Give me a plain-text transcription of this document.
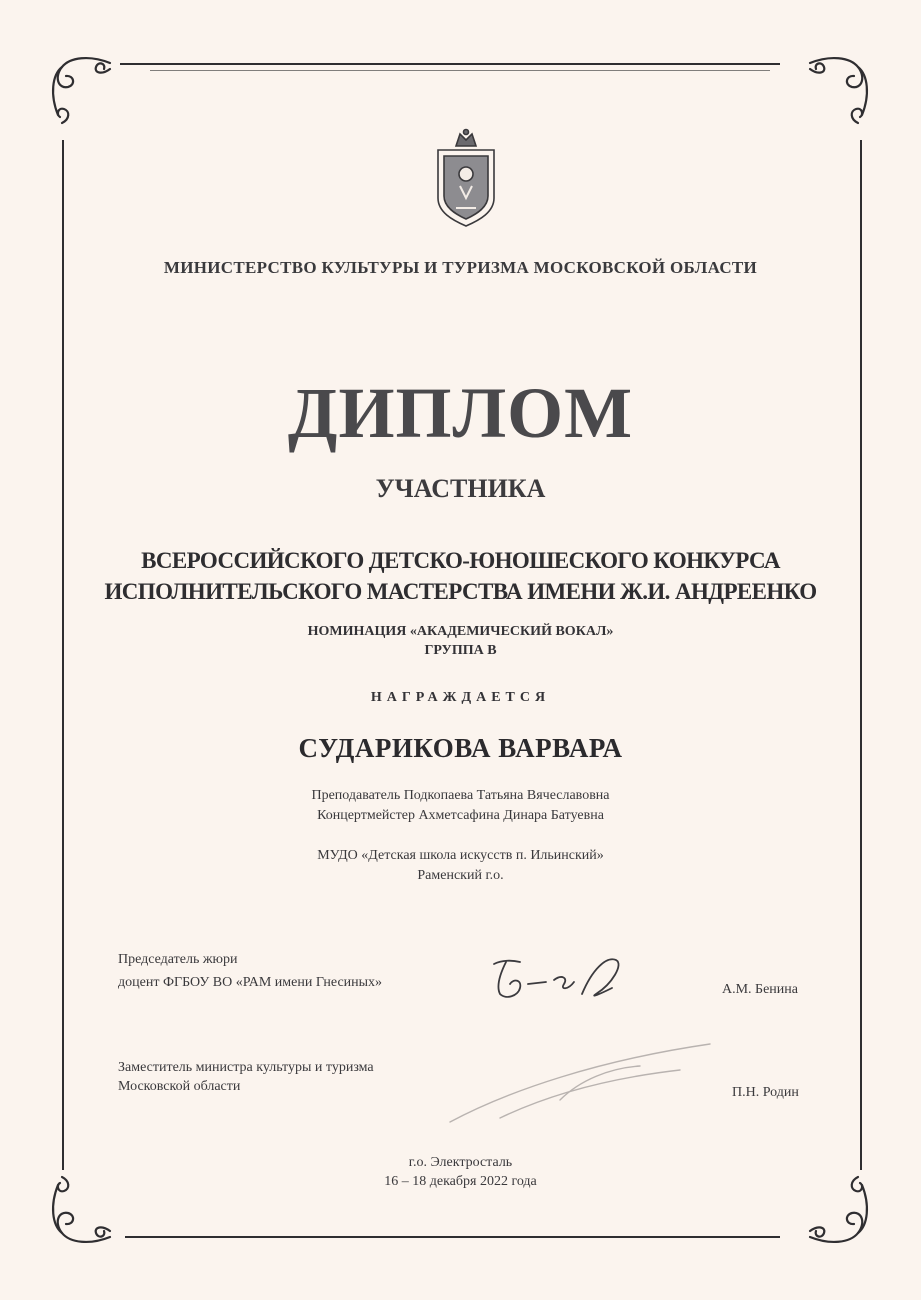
МИНИСТЕРСТВО КУЛЬТУРЫ И ТУРИЗМА МОСКОВСКОЙ ОБЛАСТИ
ДИПЛОМ
УЧАСТНИКА
ВСЕРОССИЙСКОГО ДЕТСКО-ЮНОШЕСКОГО КОНКУРСА
ИСПОЛНИТЕЛЬСКОГО МАСТЕРСТВА ИМЕНИ Ж.И. АНДРЕЕНКО
НОМИНАЦИЯ «АКАДЕМИЧЕСКИЙ ВОКАЛ»
ГРУППА В
НАГРАЖДАЕТСЯ
СУДАРИКОВА ВАРВАРА
Преподаватель Подкопаева Татьяна Вячеславовна
Концертмейстер Ахметсафина Динара Батуевна
МУДО «Детская школа искусств п. Ильинский»
Раменский г.о.
Председатель жюри
доцент ФГБОУ ВО «РАМ имени Гнесиных»	А.М. Бенина
Заместитель министра культуры и туризма
Московской области	П.Н. Родин
г.о. Электросталь
16 – 18 декабря 2022 года
